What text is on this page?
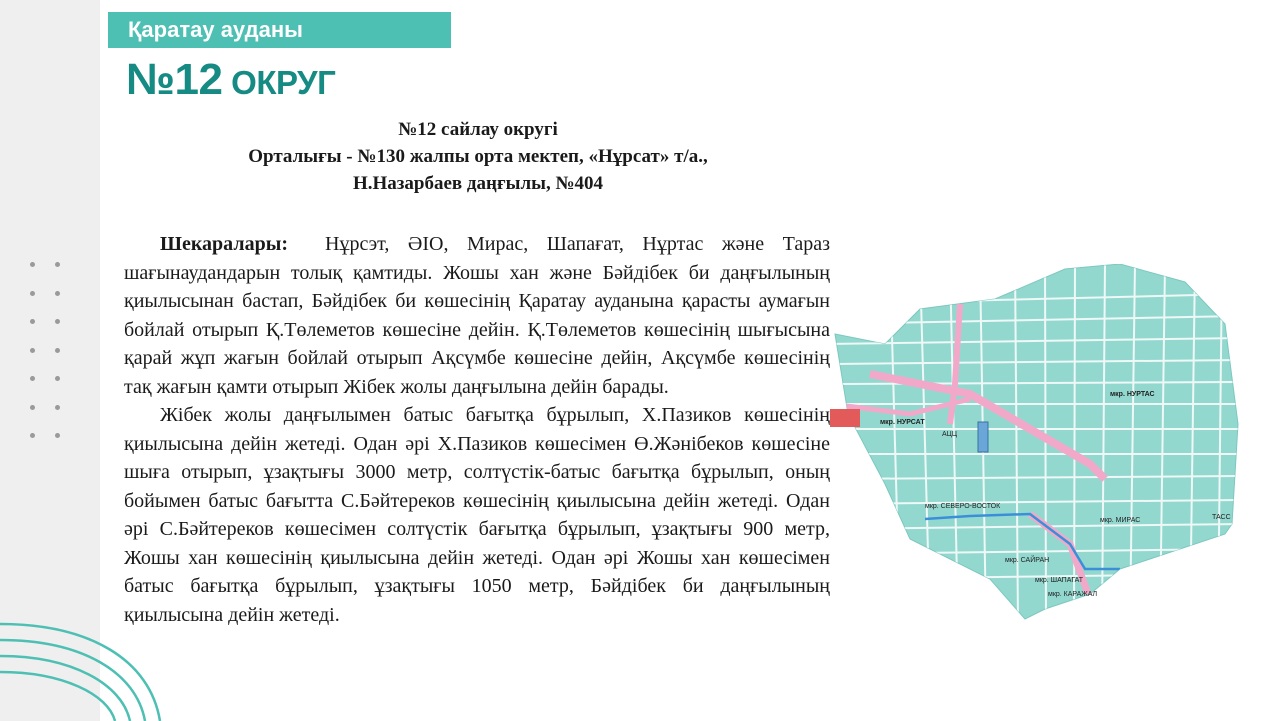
Қаратау ауданы
№12 ОКРУГ
№12 сайлау округі
Орталығы - №130 жалпы орта мектеп, «Нұрсат» т/а.,
Н.Назарбаев даңғылы, №404

Шекаралары: Нұрсэт, ӘІО, Мирас, Шапағат, Нұртас және Тараз шағынаудандарын толық қамтиды. Жошы хан және Бәйдібек би даңғылының қиылысынан бастап, Бәйдібек би көшесінің Қаратау ауданына қарасты аумағын бойлай отырып Қ.Төлеметов көшесіне дейін. Қ.Төлеметов көшесінің шығысына қарай жұп жағын бойлай отырып Ақсүмбе көшесіне дейін, Ақсүмбе көшесінің тақ жағын қамти отырып Жібек жолы даңғылына дейін барады.

Жібек жолы даңғылымен батыс бағытқа бұрылып, Х.Пазиков көшесінің қиылысына дейін жетеді. Одан әрі Х.Пазиков көшесімен Ө.Жәнібеков көшесіне шыға отырып, ұзақтығы 3000 метр, солтүстік-батыс бағытқа бұрылып, оның бойымен батыс бағытта С.Бәйтереков көшесінің қиылысына дейін жетеді. Одан әрі С.Бәйтереков көшесімен солтүстік бағытқа бұрылып, ұзақтығы 900 метр, Жошы хан көшесінің қиылысына дейін жетеді. Одан әрі Жошы хан көшесімен батыс бағытқа бұрылып, ұзақтығы 1050 метр, Бәйдібек би даңғылының қиылысына дейін жетеді.

мкр. НУРСАТ
мкр. НУРТАС
АЦЦ
мкр. СЕВЕРО-ВОСТОК
мкр. МИРАС
мкр. САЙРАН
мкр. ШАПАГАТ
мкр. КАРАЖАЛ
ТАСС
